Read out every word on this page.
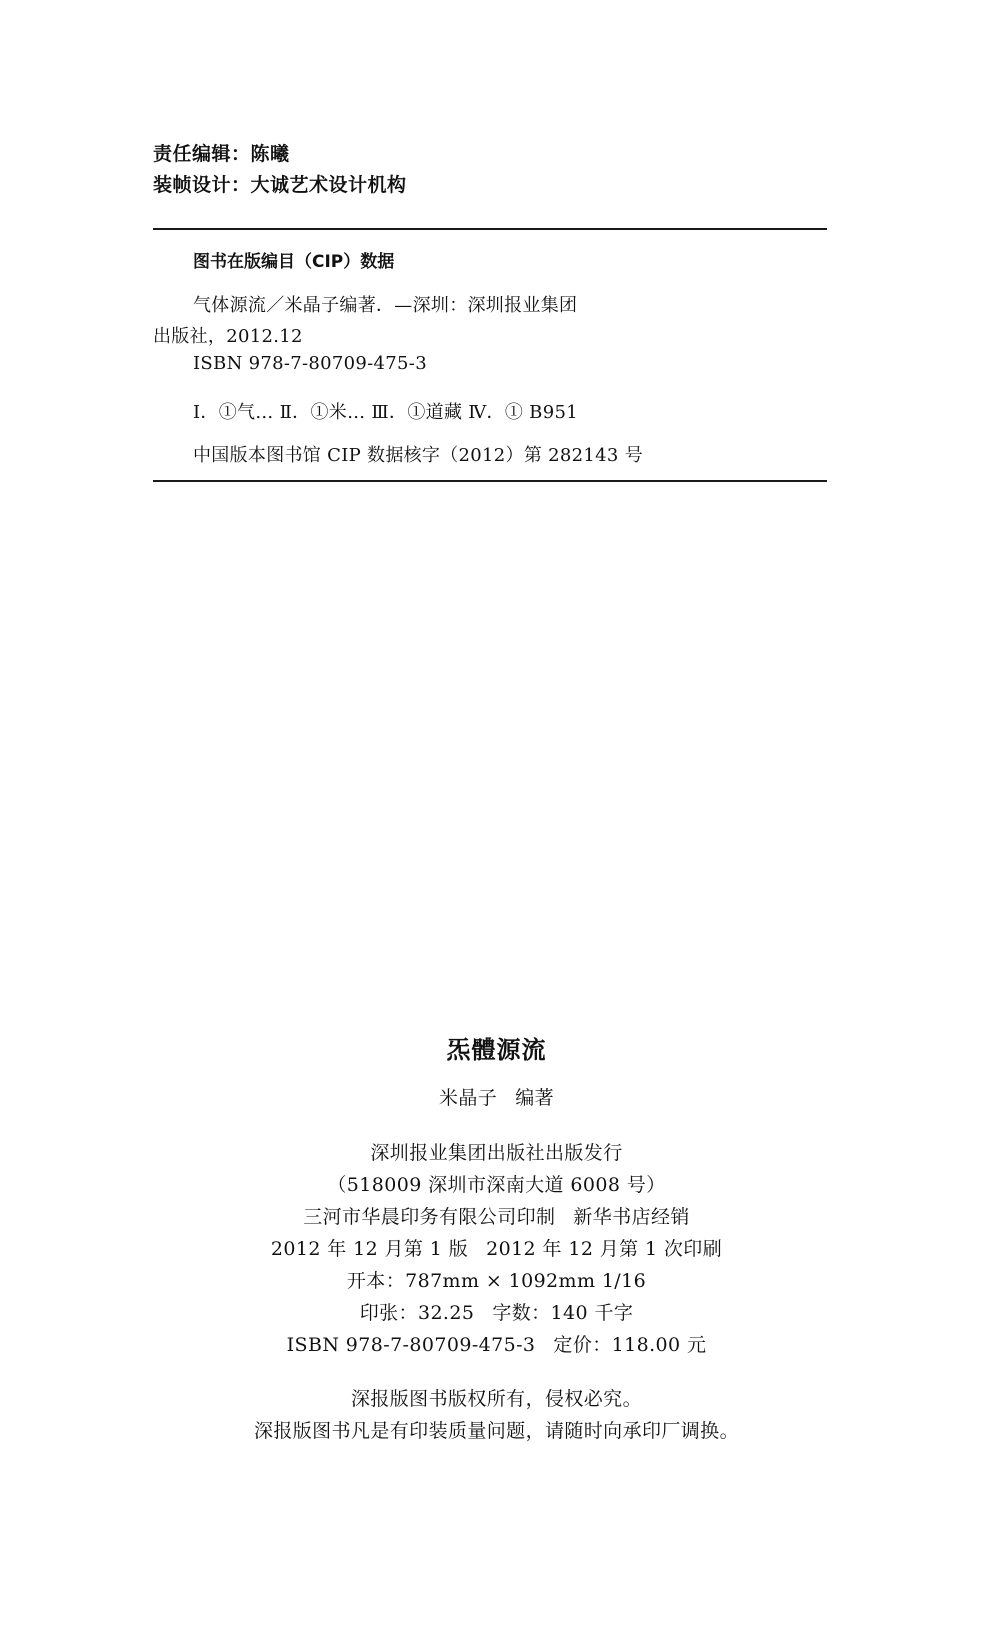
责任编辑：陈曦
装帧设计：大诚艺术设计机构
图书在版编目（CIP）数据
气体源流／米晶子编著．—深圳：深圳报业集团
出版社，2012.12
ISBN 978-7-80709-475-3
Ⅰ．①气… Ⅱ．①米… Ⅲ．①道藏 Ⅳ．① B951
中国版本图书馆 CIP 数据核字（2012）第 282143 号
炁體源流
米晶子 编著
深圳报业集团出版社出版发行
（518009 深圳市深南大道 6008 号）
三河市华晨印务有限公司印制 新华书店经销
2012 年 12 月第 1 版 2012 年 12 月第 1 次印刷
开本：787mm × 1092mm 1/16
印张：32.25 字数：140 千字
ISBN 978-7-80709-475-3 定价：118.00 元
深报版图书版权所有，侵权必究。
深报版图书凡是有印装质量问题，请随时向承印厂调换。
